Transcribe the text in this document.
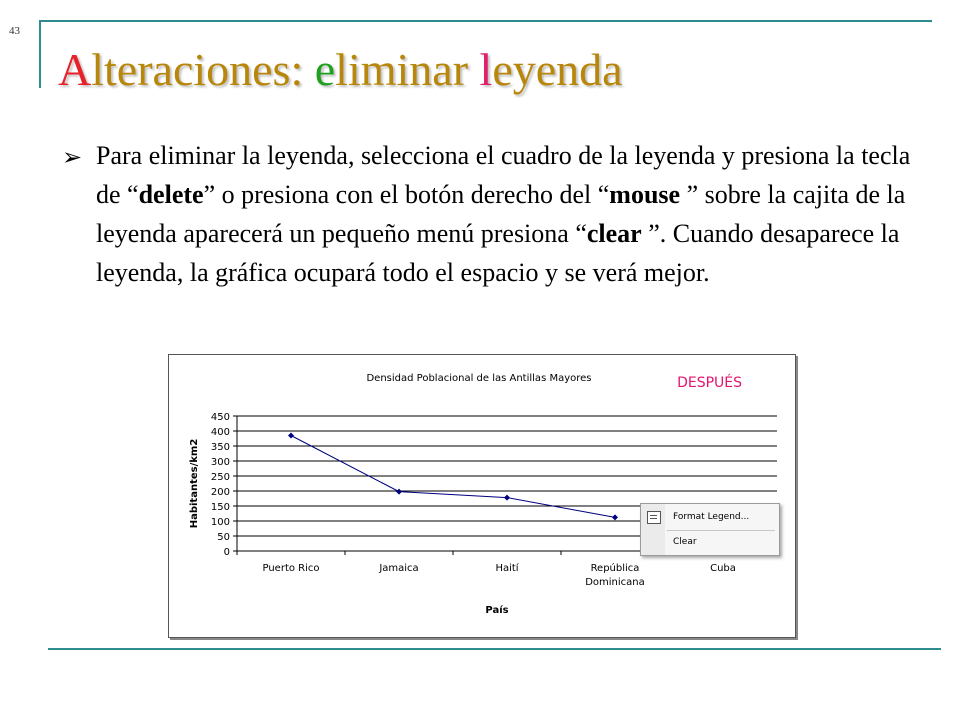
43
Alteraciones: eliminar leyenda
➢ Para eliminar la leyenda, selecciona el cuadro de la leyenda y presiona la tecla de “delete” o presiona con el botón derecho del “mouse ” sobre la cajita de la leyenda aparecerá un pequeño menú presiona “clear ”. Cuando desaparece la leyenda, la gráfica ocupará todo el espacio y se verá mejor.
Densidad Poblacional de las Antillas Mayores	DESPUÉS
0
50
100
150
200
250
300
350
400
450
Puerto Rico	Jamaica	Haití	República
Dominicana
Cuba
País
Habitantes/km2	Format Legend...
Clear
